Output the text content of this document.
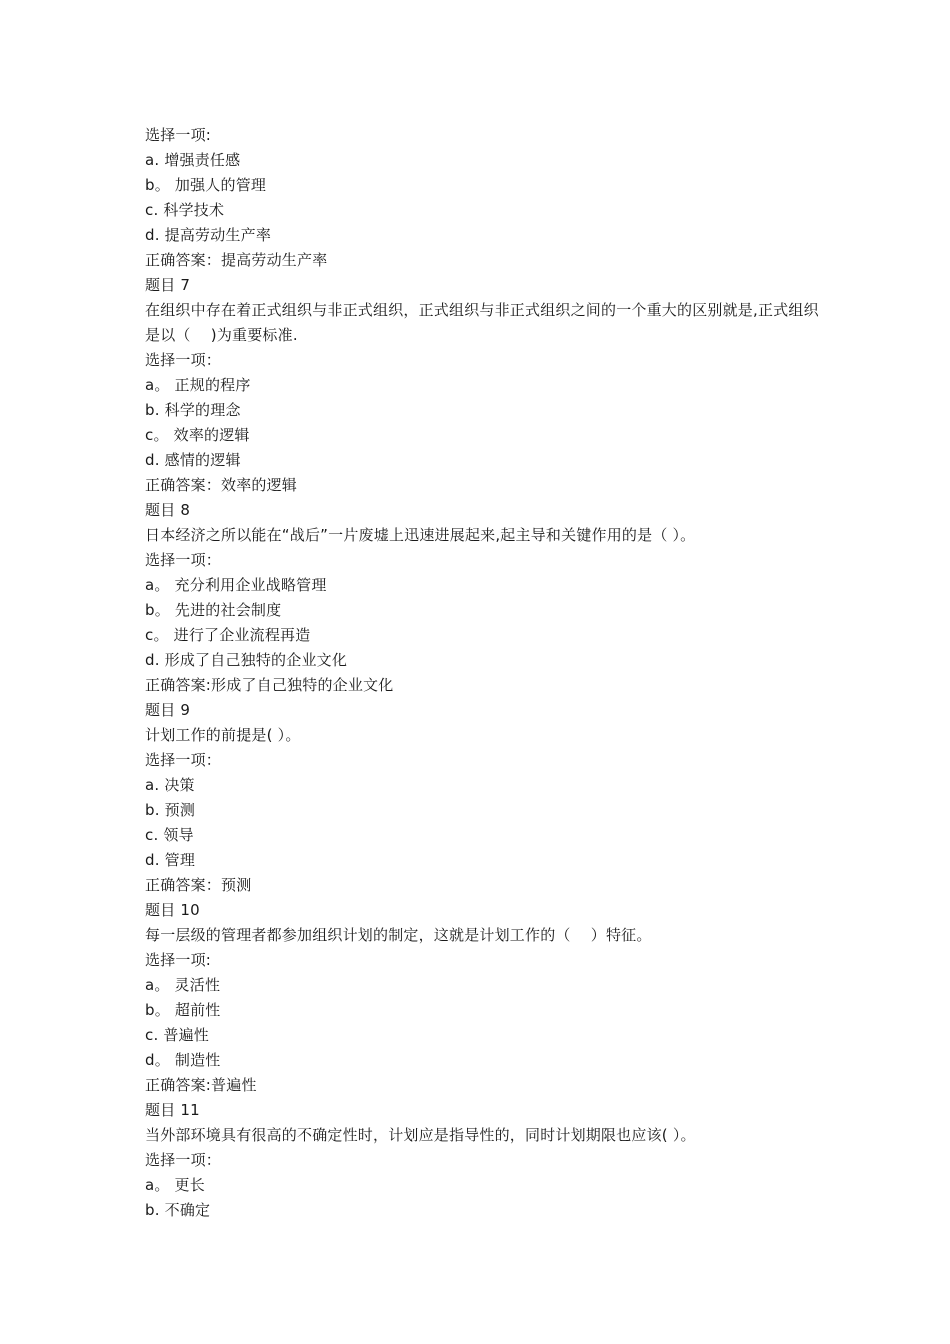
选择一项:
a. 增强责任感
b。 加强人的管理
c. 科学技术
d. 提高劳动生产率
正确答案：提高劳动生产率
题目 7
在组织中存在着正式组织与非正式组织，正式组织与非正式组织之间的一个重大的区别就是,正式组织是以（　 )为重要标准.
选择一项：
a。 正规的程序
b. 科学的理念
c。 效率的逻辑
d. 感情的逻辑
正确答案：效率的逻辑
题目 8
日本经济之所以能在“战后”一片废墟上迅速进展起来,起主导和关键作用的是（ ）。
选择一项：
a。 充分利用企业战略管理
b。 先进的社会制度
c。 进行了企业流程再造
d. 形成了自己独特的企业文化
正确答案:形成了自己独特的企业文化
题目 9
计划工作的前提是( ）。
选择一项：
a. 决策
b. 预测
c. 领导
d. 管理
正确答案：预测
题目 10
每一层级的管理者都参加组织计划的制定，这就是计划工作的（　 ）特征。
选择一项:
a。 灵活性
b。 超前性
c. 普遍性
d。 制造性
正确答案:普遍性
题目 11
当外部环境具有很高的不确定性时，计划应是指导性的，同时计划期限也应该( ）。
选择一项：
a。 更长
b. 不确定
